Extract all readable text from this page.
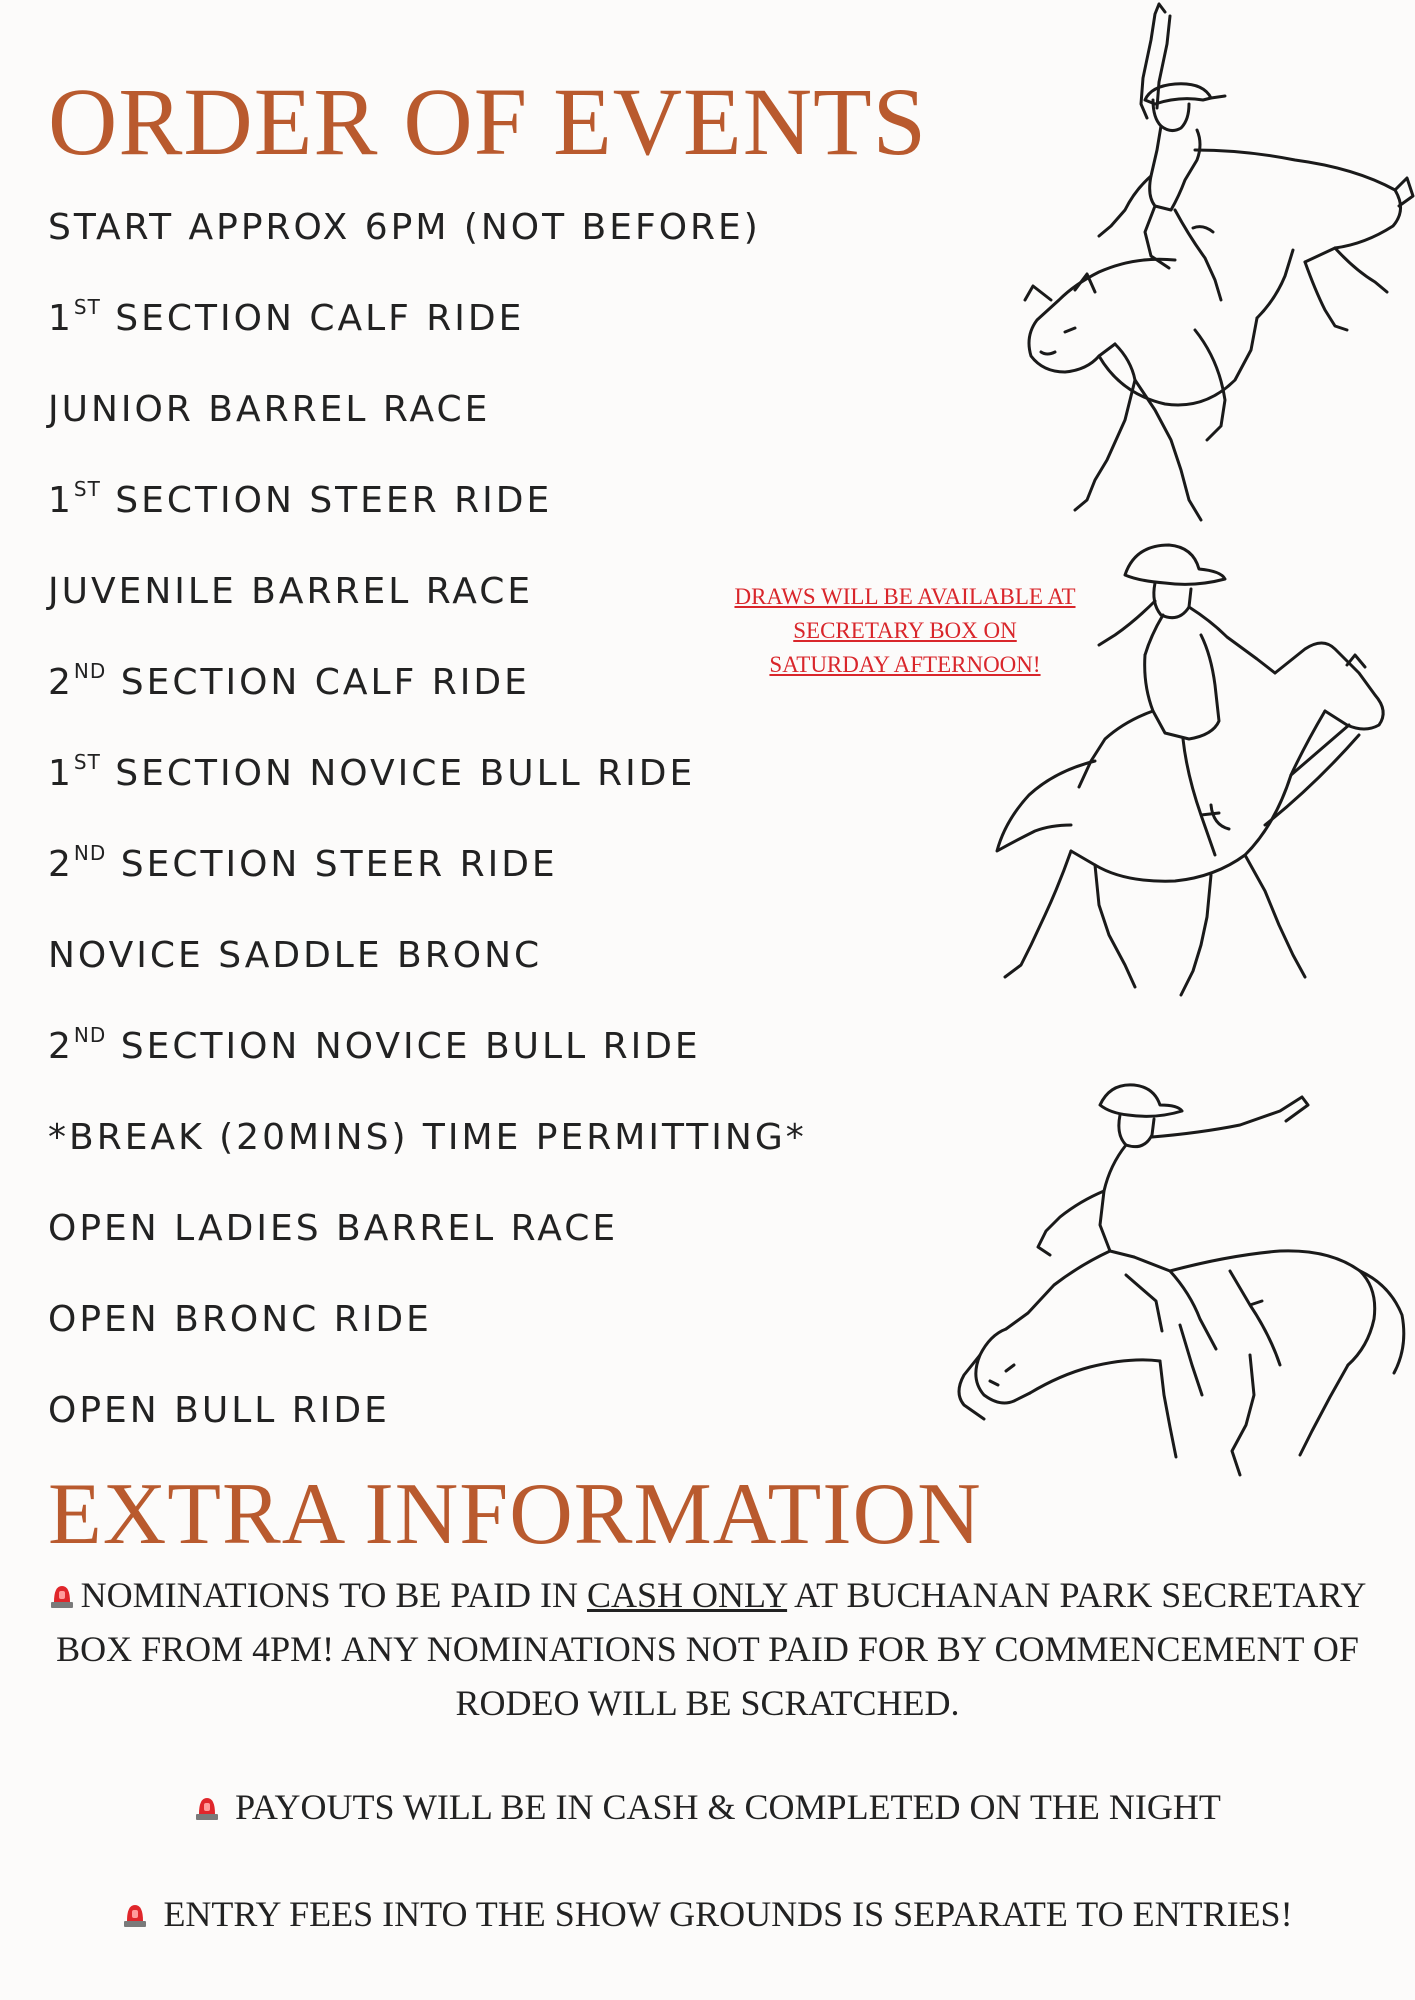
ORDER OF EVENTS
START APPROX 6PM (NOT BEFORE)
1ST SECTION CALF RIDE
JUNIOR BARREL RACE
1ST SECTION STEER RIDE
JUVENILE BARREL RACE
2ND SECTION CALF RIDE
1ST SECTION NOVICE BULL RIDE
2ND SECTION STEER RIDE
NOVICE SADDLE BRONC
2ND SECTION NOVICE BULL RIDE
*BREAK (20MINS) TIME PERMITTING*
OPEN LADIES BARREL RACE
OPEN BRONC RIDE
OPEN BULL RIDE
DRAWS WILL BE AVAILABLE AT
SECRETARY BOX ON
SATURDAY AFTERNOON!
EXTRA INFORMATION
NOMINATIONS TO BE PAID IN CASH ONLY AT BUCHANAN PARK SECRETARY BOX FROM 4PM! ANY NOMINATIONS NOT PAID FOR BY COMMENCEMENT OF RODEO WILL BE SCRATCHED.
PAYOUTS WILL BE IN CASH & COMPLETED ON THE NIGHT
ENTRY FEES INTO THE SHOW GROUNDS IS SEPARATE TO ENTRIES!
